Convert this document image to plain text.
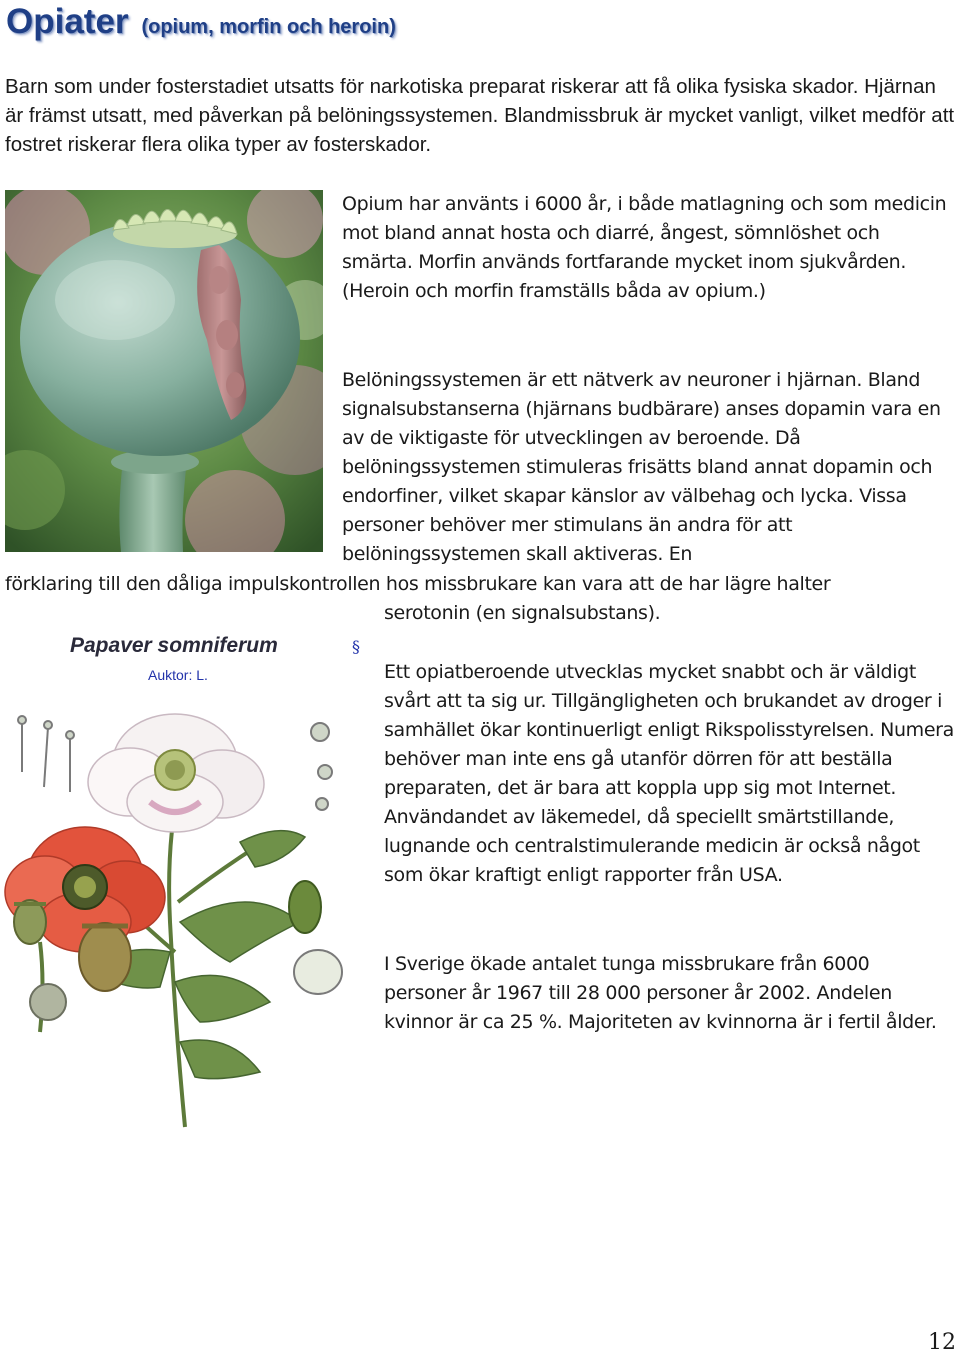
Opiater (opium, morfin och heroin)

Barn som under fosterstadiet utsatts för narkotiska preparat riskerar att få olika fysiska skador. Hjärnan är främst utsatt, med påverkan på belöningssystemen. Blandmissbruk är mycket vanligt, vilket medför att fostret riskerar flera olika typer av fosterskador.

Opium har använts i 6000 år, i både matlagning och som medicin mot bland annat hosta och diarré, ångest, sömnlöshet och smärta. Morfin används fortfarande mycket inom sjukvården. (Heroin och morfin framställs båda av opium.)

Belöningssystemen är ett nätverk av neuroner i hjärnan. Bland signalsubstanserna (hjärnans budbärare) anses dopamin vara en av de viktigaste för utvecklingen av beroende. Då belöningssystemen stimuleras frisätts bland annat dopamin och endorfiner, vilket skapar känslor av välbehag och lycka. Vissa personer behöver mer stimulans än andra för att belöningssystemen skall aktiveras. En

förklaring till den dåliga impulskontrollen hos missbrukare kan vara att de har lägre halter

serotonin (en signalsubstans).

Papaver somniferum
Auktor: L.
§

Ett opiatberoende utvecklas mycket snabbt och är väldigt svårt att ta sig ur. Tillgängligheten och brukandet av droger i samhället ökar kontinuerligt enligt Rikspolisstyrelsen. Numera behöver man inte ens gå utanför dörren för att beställa preparaten, det är bara att koppla upp sig mot Internet. Användandet av läkemedel, då speciellt smärtstillande, lugnande och centralstimulerande medicin är också något som ökar kraftigt enligt rapporter från USA.

I Sverige ökade antalet tunga missbrukare från 6000 personer år 1967 till 28 000 personer år 2002. Andelen kvinnor är ca 25 %. Majoriteten av kvinnorna är i fertil ålder.

12
